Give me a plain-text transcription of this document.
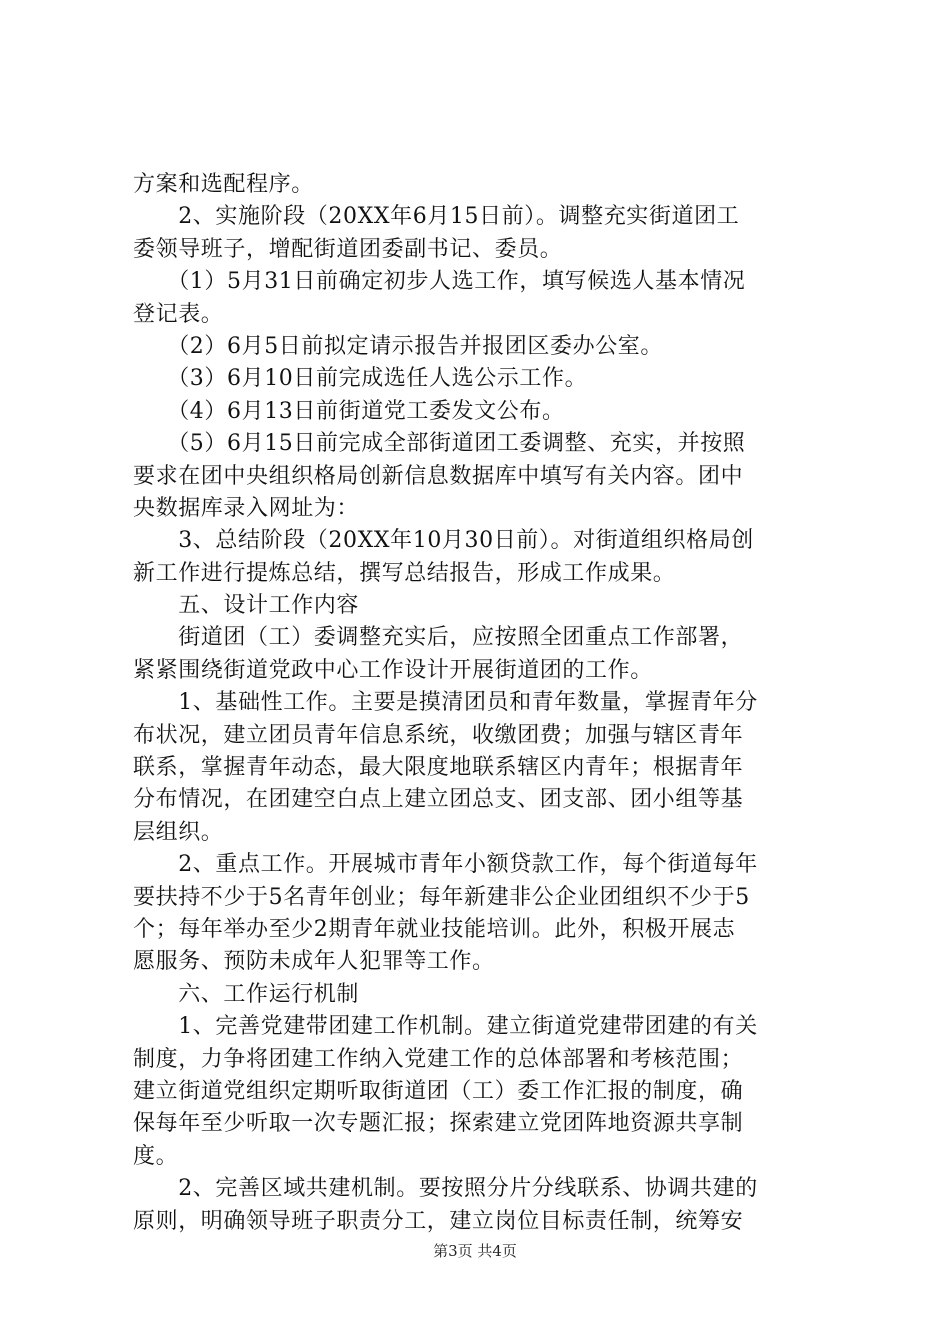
方案和选配程序。
　　2、实施阶段（20XX年6月15日前）。调整充实街道团工
委领导班子，增配街道团委副书记、委员。
　　（1）5月31日前确定初步人选工作，填写候选人基本情况
登记表。
　　（2）6月5日前拟定请示报告并报团区委办公室。
　　（3）6月10日前完成选任人选公示工作。
　　（4）6月13日前街道党工委发文公布。
　　（5）6月15日前完成全部街道团工委调整、充实，并按照
要求在团中央组织格局创新信息数据库中填写有关内容。团中
央数据库录入网址为：
　　3、总结阶段（20XX年10月30日前）。对街道组织格局创
新工作进行提炼总结，撰写总结报告，形成工作成果。
　　五、设计工作内容
　　街道团（工）委调整充实后，应按照全团重点工作部署，
紧紧围绕街道党政中心工作设计开展街道团的工作。
　　1、基础性工作。主要是摸清团员和青年数量，掌握青年分
布状况，建立团员青年信息系统，收缴团费；加强与辖区青年
联系，掌握青年动态，最大限度地联系辖区内青年；根据青年
分布情况，在团建空白点上建立团总支、团支部、团小组等基
层组织。
　　2、重点工作。开展城市青年小额贷款工作，每个街道每年
要扶持不少于5名青年创业；每年新建非公企业团组织不少于5
个；每年举办至少2期青年就业技能培训。此外，积极开展志
愿服务、预防未成年人犯罪等工作。
　　六、工作运行机制
　　1、完善党建带团建工作机制。建立街道党建带团建的有关
制度，力争将团建工作纳入党建工作的总体部署和考核范围；
建立街道党组织定期听取街道团（工）委工作汇报的制度，确
保每年至少听取一次专题汇报；探索建立党团阵地资源共享制
度。
　　2、完善区域共建机制。要按照分片分线联系、协调共建的
原则，明确领导班子职责分工，建立岗位目标责任制，统筹安
第3页 共4页
